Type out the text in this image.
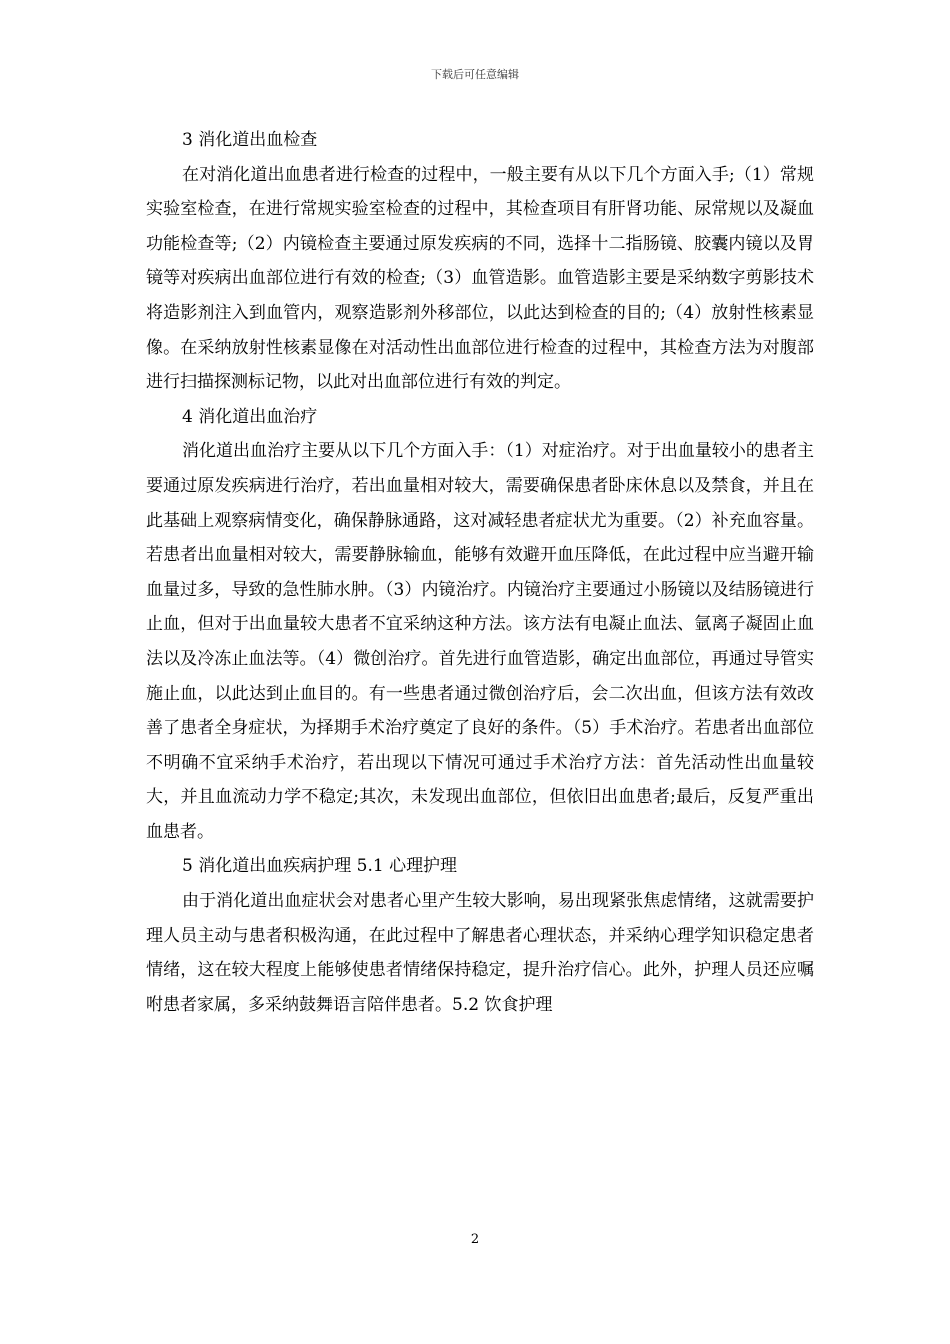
下载后可任意编辑

3 消化道出血检查

在对消化道出血患者进行检查的过程中，一般主要有从以下几个方面入手;（1）常规实验室检查，在进行常规实验室检查的过程中，其检查项目有肝肾功能、尿常规以及凝血功能检查等;（2）内镜检查主要通过原发疾病的不同，选择十二指肠镜、胶囊内镜以及胃镜等对疾病出血部位进行有效的检查;（3）血管造影。血管造影主要是采纳数字剪影技术将造影剂注入到血管内，观察造影剂外移部位，以此达到检查的目的;（4）放射性核素显像。在采纳放射性核素显像在对活动性出血部位进行检查的过程中，其检查方法为对腹部进行扫描探测标记物，以此对出血部位进行有效的判定。

4 消化道出血治疗

消化道出血治疗主要从以下几个方面入手：（1）对症治疗。对于出血量较小的患者主要通过原发疾病进行治疗，若出血量相对较大，需要确保患者卧床休息以及禁食，并且在此基础上观察病情变化，确保静脉通路，这对减轻患者症状尤为重要。（2）补充血容量。若患者出血量相对较大，需要静脉输血，能够有效避开血压降低，在此过程中应当避开输血量过多，导致的急性肺水肿。（3）内镜治疗。内镜治疗主要通过小肠镜以及结肠镜进行止血，但对于出血量较大患者不宜采纳这种方法。该方法有电凝止血法、氩离子凝固止血法以及冷冻止血法等。（4）微创治疗。首先进行血管造影，确定出血部位，再通过导管实施止血，以此达到止血目的。有一些患者通过微创治疗后，会二次出血，但该方法有效改善了患者全身症状，为择期手术治疗奠定了良好的条件。（5）手术治疗。若患者出血部位不明确不宜采纳手术治疗，若出现以下情况可通过手术治疗方法：首先活动性出血量较大，并且血流动力学不稳定;其次，未发现出血部位，但依旧出血患者;最后，反复严重出血患者。

5 消化道出血疾病护理 5.1 心理护理

由于消化道出血症状会对患者心里产生较大影响，易出现紧张焦虑情绪，这就需要护理人员主动与患者积极沟通，在此过程中了解患者心理状态，并采纳心理学知识稳定患者情绪，这在较大程度上能够使患者情绪保持稳定，提升治疗信心。此外，护理人员还应嘱咐患者家属，多采纳鼓舞语言陪伴患者。5.2 饮食护理

2
